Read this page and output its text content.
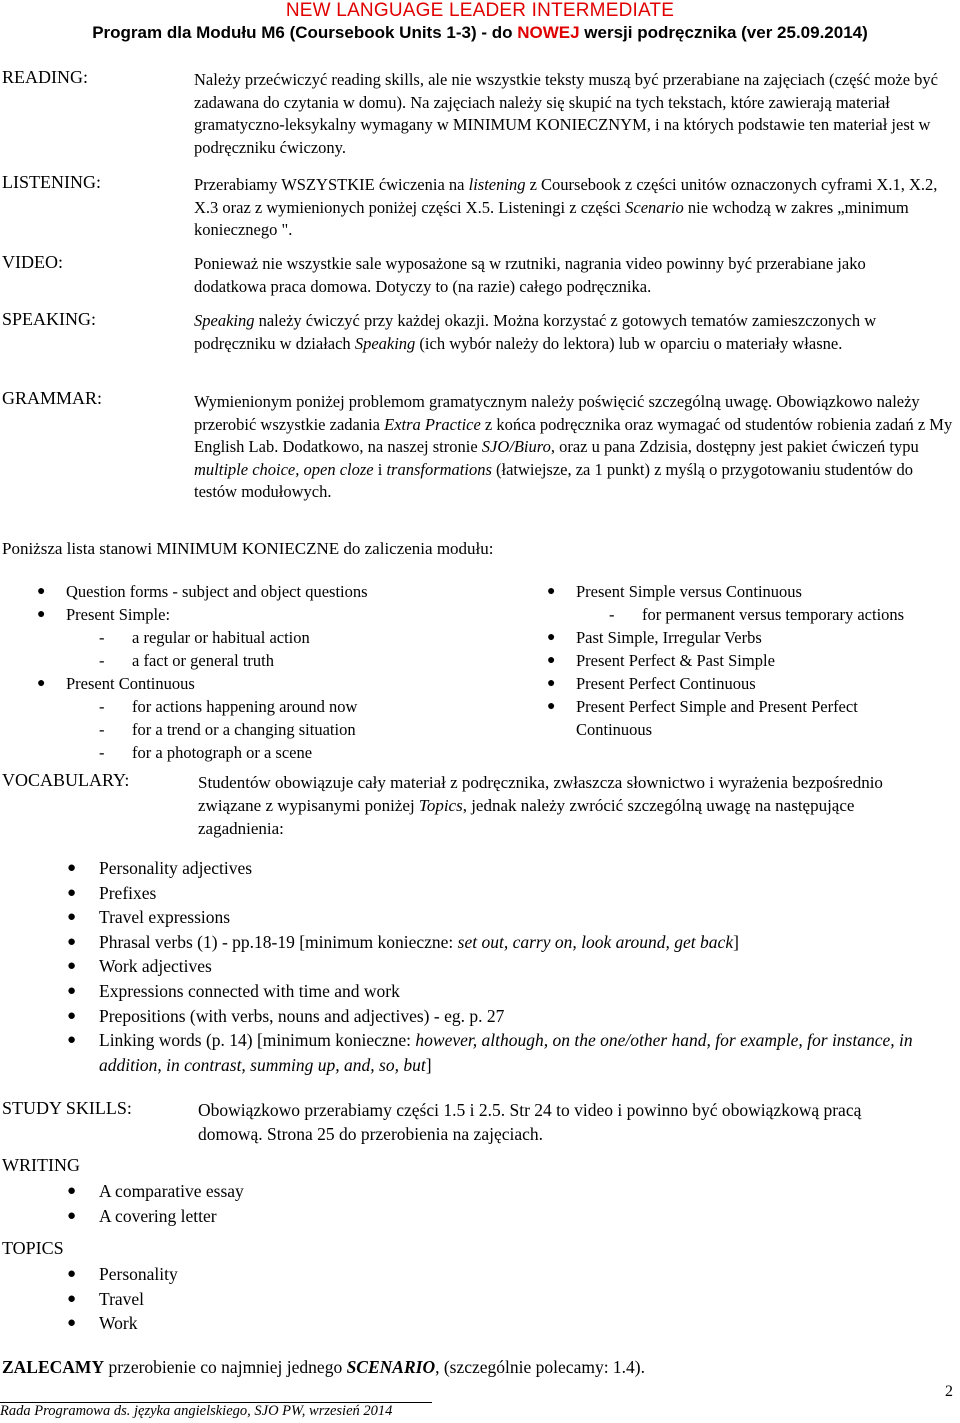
NEW LANGUAGE LEADER INTERMEDIATE
Program dla Modułu M6 (Coursebook Units 1-3) - do NOWEJ wersji podręcznika (ver 25.09.2014)
READING:	Należy przećwiczyć reading skills, ale nie wszystkie teksty muszą być przerabiane na zajęciach (część może być zadawana do czytania w domu). Na zajęciach należy się skupić na tych tekstach, które zawierają materiał gramatyczno-leksykalny wymagany w MINIMUM KONIECZNYM, i na których podstawie ten materiał jest w podręczniku ćwiczony.
LISTENING:	Przerabiamy WSZYSTKIE ćwiczenia na listening z Coursebook z części unitów oznaczonych cyframi X.1, X.2, X.3 oraz z wymienionych poniżej części X.5. Listeningi z części Scenario nie wchodzą w zakres „minimum koniecznego ".
VIDEO:	Ponieważ nie wszystkie sale wyposażone są w rzutniki, nagrania video powinny być przerabiane jako dodatkowa praca domowa. Dotyczy to (na razie) całego podręcznika.
SPEAKING:	Speaking należy ćwiczyć przy każdej okazji. Można korzystać z gotowych tematów zamieszczonych w podręczniku w działach Speaking (ich wybór należy do lektora) lub w oparciu o materiały własne.
GRAMMAR:	Wymienionym poniżej problemom gramatycznym należy poświęcić szczególną uwagę. Obowiązkowo należy przerobić wszystkie zadania Extra Practice z końca podręcznika oraz wymagać od studentów robienia zadań z My English Lab. Dodatkowo, na naszej stronie SJO/Biuro, oraz u pana Zdzisia, dostępny jest pakiet ćwiczeń typu multiple choice, open cloze i transformations (łatwiejsze, za 1 punkt) z myślą o przygotowaniu studentów do testów modułowych.
Poniższa lista stanowi MINIMUM KONIECZNE do zaliczenia modułu:
● Question forms - subject and object questions
● Present Simple:
- a regular or habitual action
- a fact or general truth
● Present Continuous
- for actions happening around now
- for a trend or a changing situation
- for a photograph or a scene
● Present Simple versus Continuous
- for permanent versus temporary actions
● Past Simple, Irregular Verbs
● Present Perfect & Past Simple
● Present Perfect Continuous
● Present Perfect Simple and Present Perfect Continuous
VOCABULARY:	Studentów obowiązuje cały materiał z podręcznika, zwłaszcza słownictwo i wyrażenia bezpośrednio związane z wypisanymi poniżej Topics, jednak należy zwrócić szczególną uwagę na następujące zagadnienia:
● Personality adjectives
● Prefixes
● Travel expressions
● Phrasal verbs (1) - pp.18-19 [minimum konieczne: set out, carry on, look around, get back]
● Work adjectives
● Expressions connected with time and work
● Prepositions (with verbs, nouns and adjectives) - eg. p. 27
● Linking words (p. 14) [minimum konieczne: however, although, on the one/other hand, for example, for instance, in addition, in contrast, summing up, and, so, but]
STUDY SKILLS:	Obowiązkowo przerabiamy części 1.5 i 2.5. Str 24 to video i powinno być obowiązkową pracą domową. Strona 25 do przerobienia na zajęciach.
WRITING
● A comparative essay
● A covering letter
TOPICS
● Personality
● Travel
● Work
ZALECAMY przerobienie co najmniej jednego SCENARIO, (szczególnie polecamy: 1.4).
2
Rada Programowa ds. języka angielskiego, SJO PW, wrzesień 2014
